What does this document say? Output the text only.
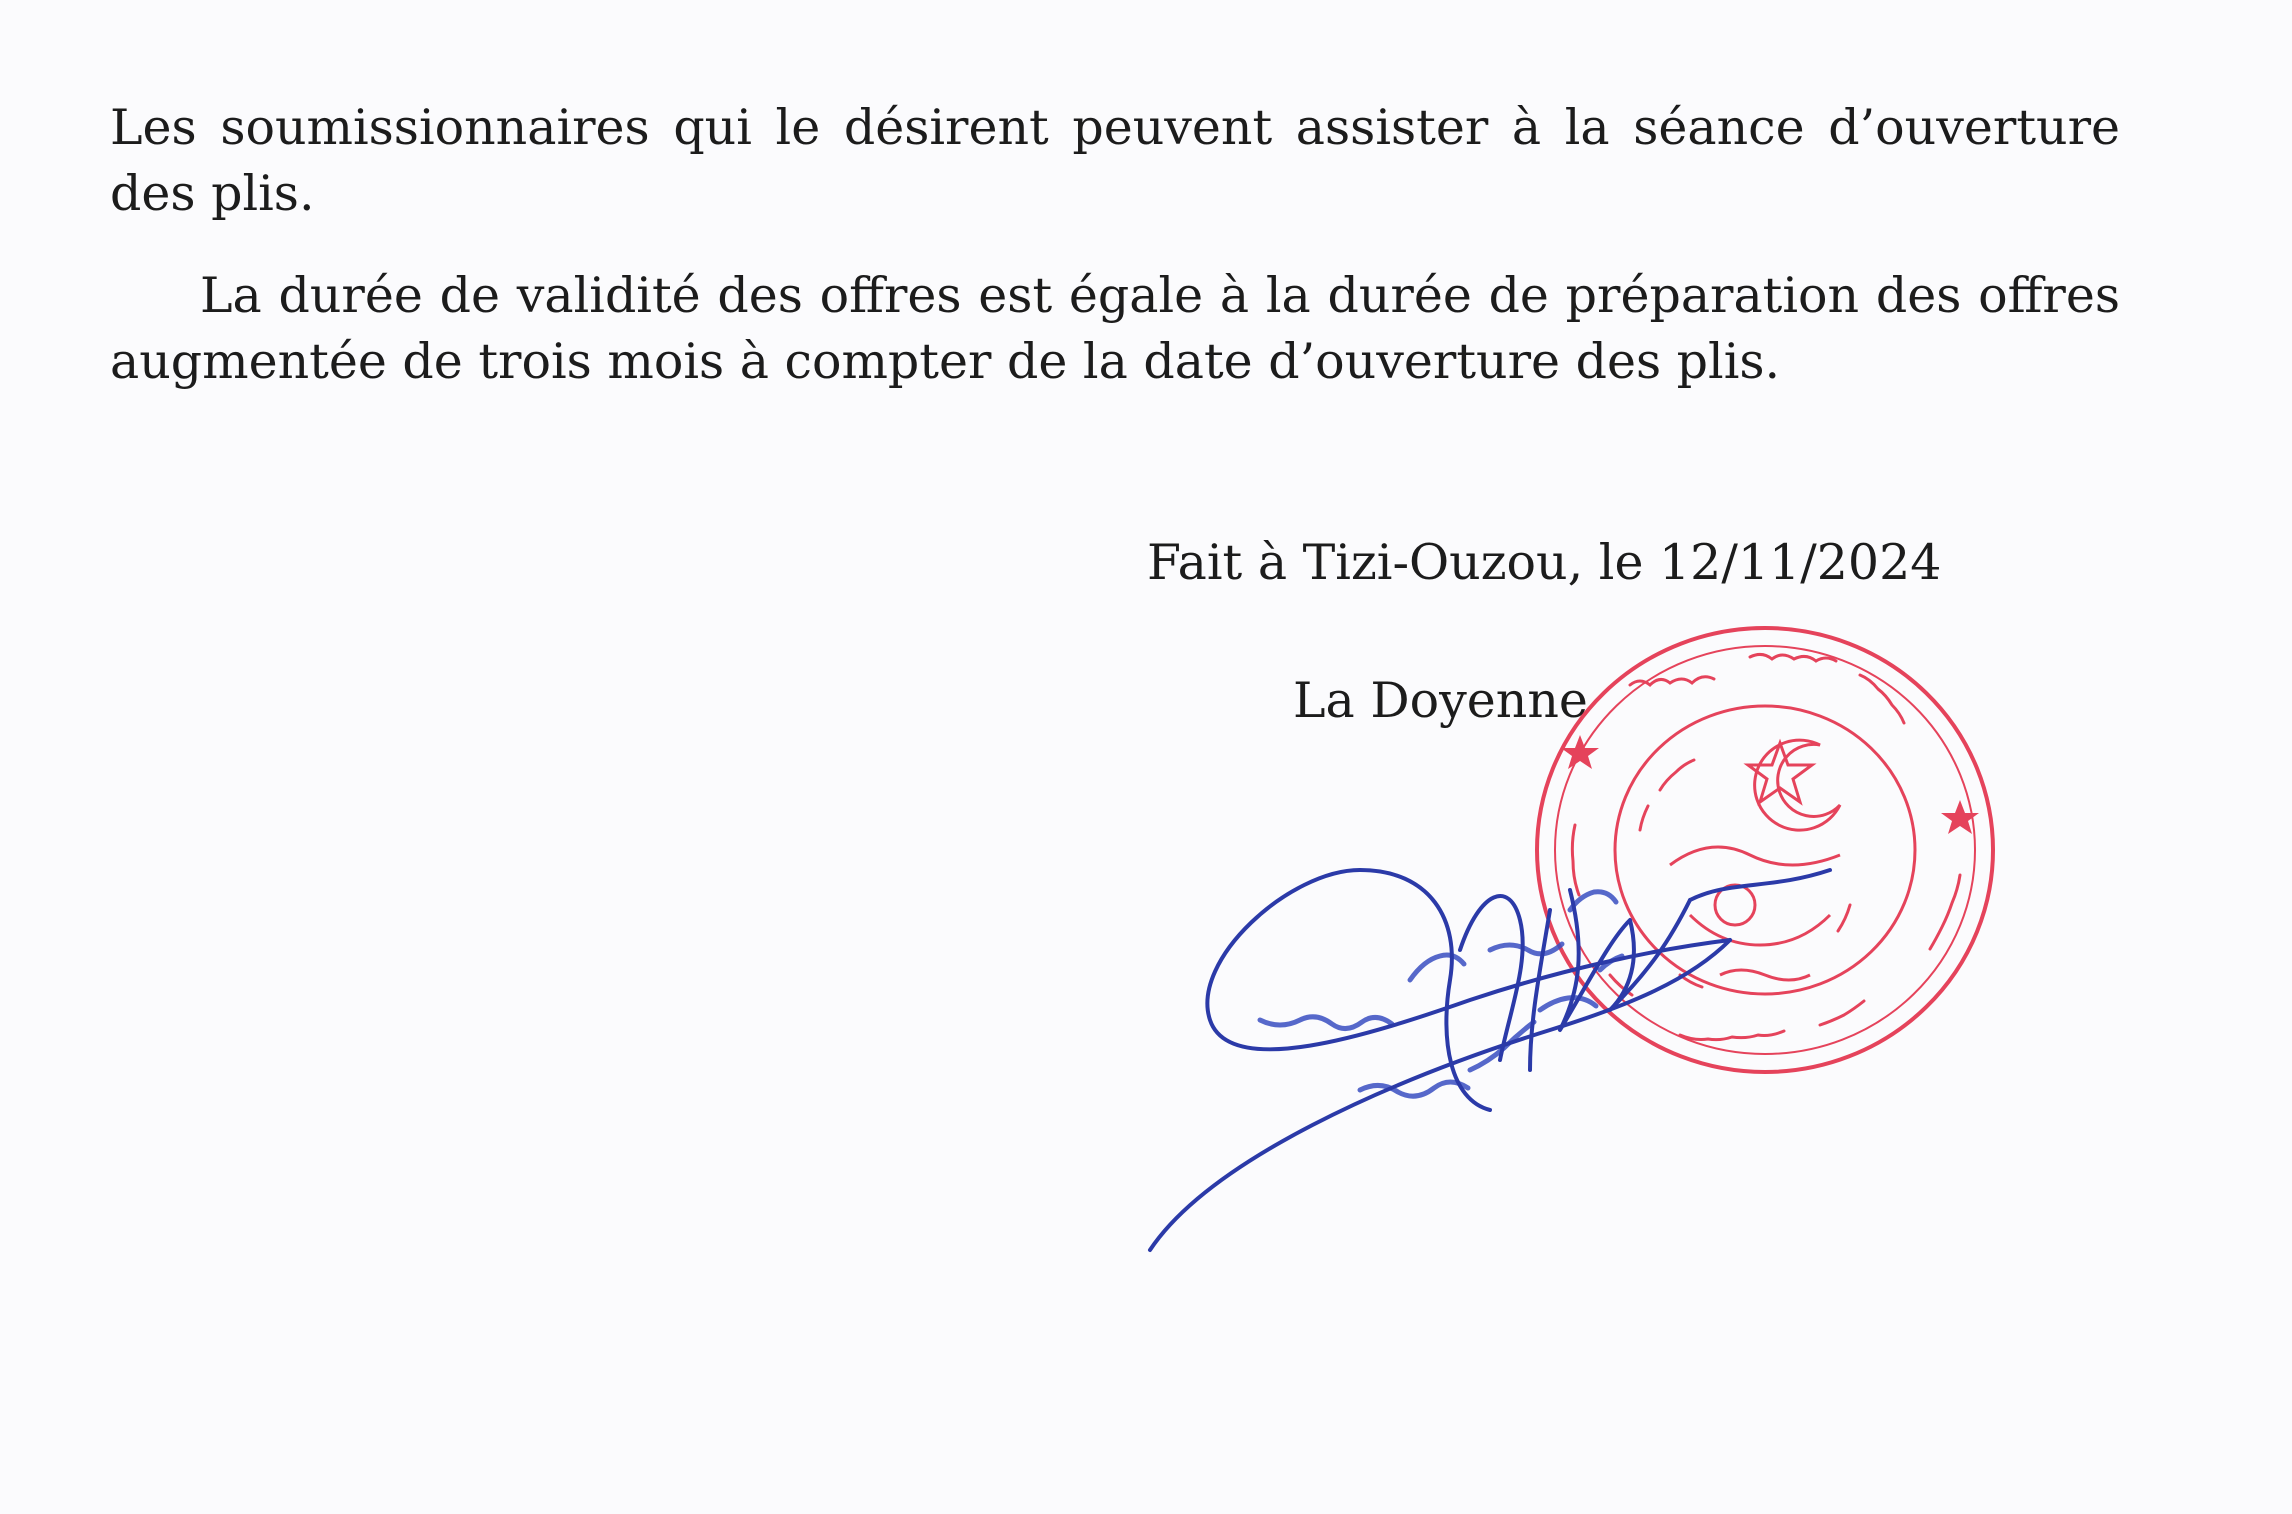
Les soumissionnaires qui le désirent peuvent assister à la séance d’ouverture des plis.

La durée de validité des offres est égale à la durée de préparation des offres augmentée de trois mois à compter de la date d’ouverture des plis.

Fait à Tizi-Ouzou, le 12/11/2024
La Doyenne
